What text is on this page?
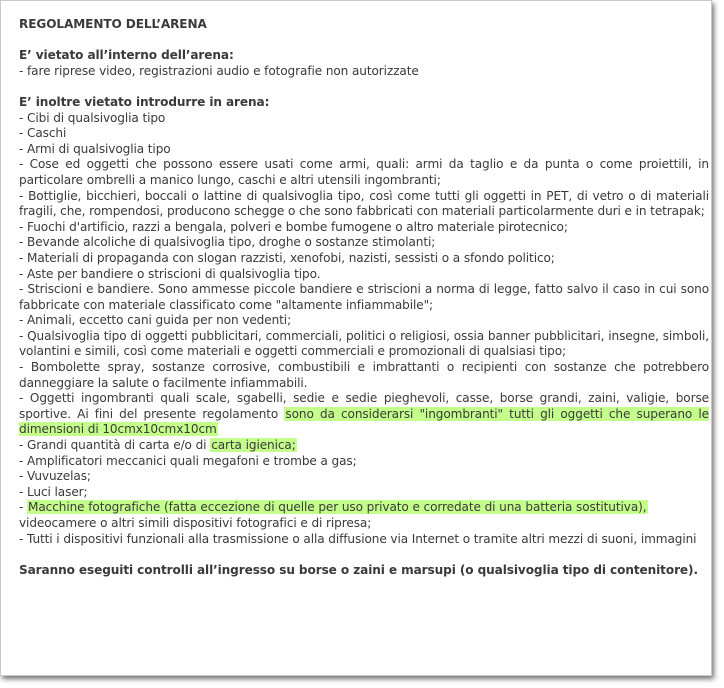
REGOLAMENTO DELL’ARENA

E’ vietato all’interno dell’arena:

- fare riprese video, registrazioni audio e fotografie non autorizzate

E’ inoltre vietato introdurre in arena:

- Cibi di qualsivoglia tipo

- Caschi

- Armi di qualsivoglia tipo

- Cose ed oggetti che possono essere usati come armi, quali: armi da taglio e da punta o come proiettili, in particolare ombrelli a manico lungo, caschi e altri utensili ingombranti;

- Bottiglie, bicchieri, boccali o lattine di qualsivoglia tipo, così come tutti gli oggetti in PET, di vetro o di materiali fragili, che, rompendosi, producono schegge o che sono fabbricati con materiali particolarmente duri e in tetrapak;

- Fuochi d'artificio, razzi a bengala, polveri e bombe fumogene o altro materiale pirotecnico;

- Bevande alcoliche di qualsivoglia tipo, droghe o sostanze stimolanti;

- Materiali di propaganda con slogan razzisti, xenofobi, nazisti, sessisti o a sfondo politico;

- Aste per bandiere o striscioni di qualsivoglia tipo.

- Striscioni e bandiere. Sono ammesse piccole bandiere e striscioni a norma di legge, fatto salvo il caso in cui sono fabbricate con materiale classificato come "altamente infiammabile";

- Animali, eccetto cani guida per non vedenti;

- Qualsivoglia tipo di oggetti pubblicitari, commerciali, politici o religiosi, ossia banner pubblicitari, insegne, simboli, volantini e simili, così come materiali e oggetti commerciali e promozionali di qualsiasi tipo;

- Bombolette spray, sostanze corrosive, combustibili e imbrattanti o recipienti con sostanze che potrebbero danneggiare la salute o facilmente infiammabili.

- Oggetti ingombranti quali scale, sgabelli, sedie e sedie pieghevoli, casse, borse grandi, zaini, valigie, borse sportive. Ai fini del presente regolamento sono da considerarsi "ingombranti" tutti gli oggetti che superano le dimensioni di 10cmx10cmx10cm

- Grandi quantità di carta e/o di carta igienica;

- Amplificatori meccanici quali megafoni e trombe a gas;

- Vuvuzelas;

- Luci laser;

- Macchine fotografiche (fatta eccezione di quelle per uso privato e corredate di una batteria sostitutiva),
videocamere o altri simili dispositivi fotografici e di ripresa;

- Tutti i dispositivi funzionali alla trasmissione o alla diffusione via Internet o tramite altri mezzi di suoni, immagini

Saranno eseguiti controlli all’ingresso su borse o zaini e marsupi (o qualsivoglia tipo di contenitore).
